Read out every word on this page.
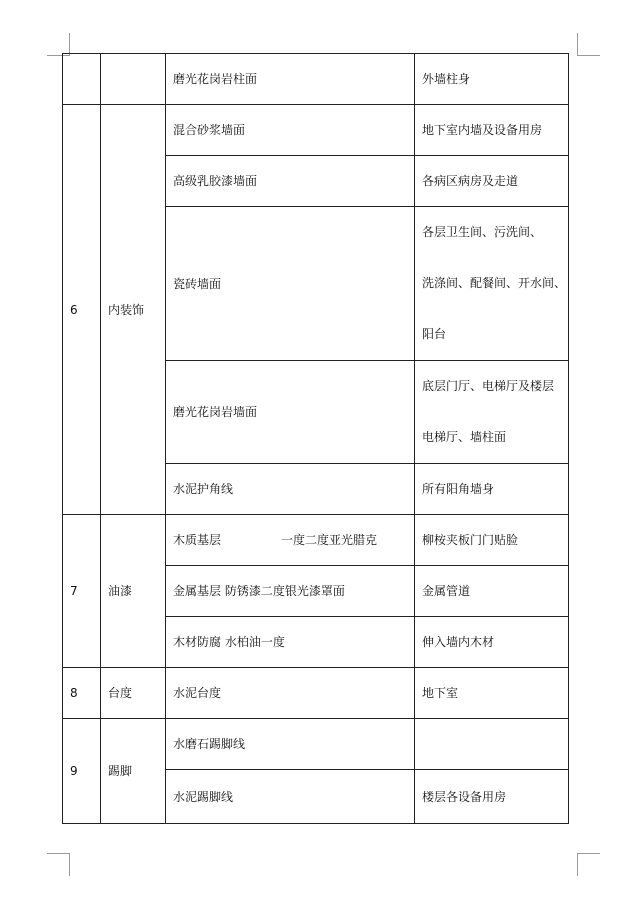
		磨光花岗岩柱面	外墙柱身
6	内装饰	混合砂浆墙面	地下室内墙及设备用房
		高级乳胶漆墙面	各病区病房及走道
		瓷砖墙面	各层卫生间、污洗间、
洗涤间、配餐间、开水间、
阳台

		磨光花岗岩墙面	底层门厅、电梯厅及楼层
电梯厅、墙柱面

		水泥护角线	所有阳角墙身
7	油漆	木质基层 一度二度亚光腊克	柳桉夹板门门贴脸
		金属基层 防锈漆二度银光漆罩面	金属管道
		木材防腐 水柏油一度	伸入墙内木材
8	台度	水泥台度	地下室
9	踢脚	水磨石踢脚线	
		水泥踢脚线	楼层各设备用房
